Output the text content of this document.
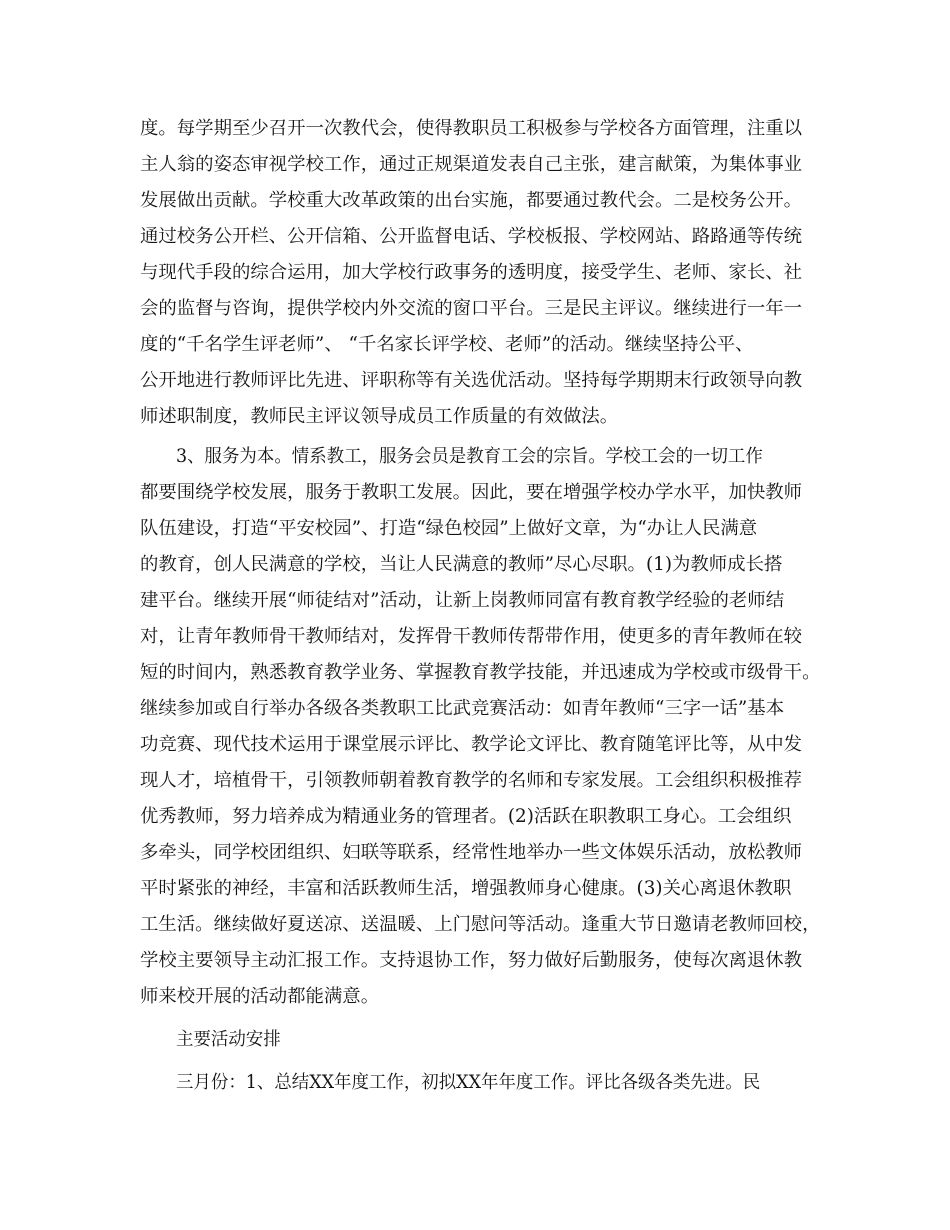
度。每学期至少召开一次教代会，使得教职员工积极参与学校各方面管理，注重以
主人翁的姿态审视学校工作，通过正规渠道发表自己主张，建言献策，为集体事业
发展做出贡献。学校重大改革政策的出台实施，都要通过教代会。二是校务公开。
通过校务公开栏、公开信箱、公开监督电话、学校板报、学校网站、路路通等传统
与现代手段的综合运用，加大学校行政事务的透明度，接受学生、老师、家长、社
会的监督与咨询，提供学校内外交流的窗口平台。三是民主评议。继续进行一年一
度的“千名学生评老师”、 “千名家长评学校、老师”的活动。继续坚持公平、
公开地进行教师评比先进、评职称等有关选优活动。坚持每学期期末行政领导向教
师述职制度，教师民主评议领导成员工作质量的有效做法。
3、服务为本。情系教工，服务会员是教育工会的宗旨。学校工会的一切工作
都要围绕学校发展，服务于教职工发展。因此，要在增强学校办学水平，加快教师
队伍建设，打造“平安校园”、打造“绿色校园”上做好文章，为“办让人民满意
的教育，创人民满意的学校，当让人民满意的教师”尽心尽职。(1)为教师成长搭
建平台。继续开展“师徒结对”活动，让新上岗教师同富有教育教学经验的老师结
对，让青年教师骨干教师结对，发挥骨干教师传帮带作用，使更多的青年教师在较
短的时间内，熟悉教育教学业务、掌握教育教学技能，并迅速成为学校或市级骨干。
继续参加或自行举办各级各类教职工比武竞赛活动：如青年教师“三字一话”基本
功竞赛、现代技术运用于课堂展示评比、教学论文评比、教育随笔评比等，从中发
现人才，培植骨干，引领教师朝着教育教学的名师和专家发展。工会组织积极推荐
优秀教师，努力培养成为精通业务的管理者。(2)活跃在职教职工身心。工会组织
多牵头，同学校团组织、妇联等联系，经常性地举办一些文体娱乐活动，放松教师
平时紧张的神经，丰富和活跃教师生活，增强教师身心健康。(3)关心离退休教职
工生活。继续做好夏送凉、送温暖、上门慰问等活动。逢重大节日邀请老教师回校，
学校主要领导主动汇报工作。支持退协工作，努力做好后勤服务，使每次离退休教
师来校开展的活动都能满意。
主要活动安排
三月份：1、总结XX年度工作，初拟XX年年度工作。评比各级各类先进。民
